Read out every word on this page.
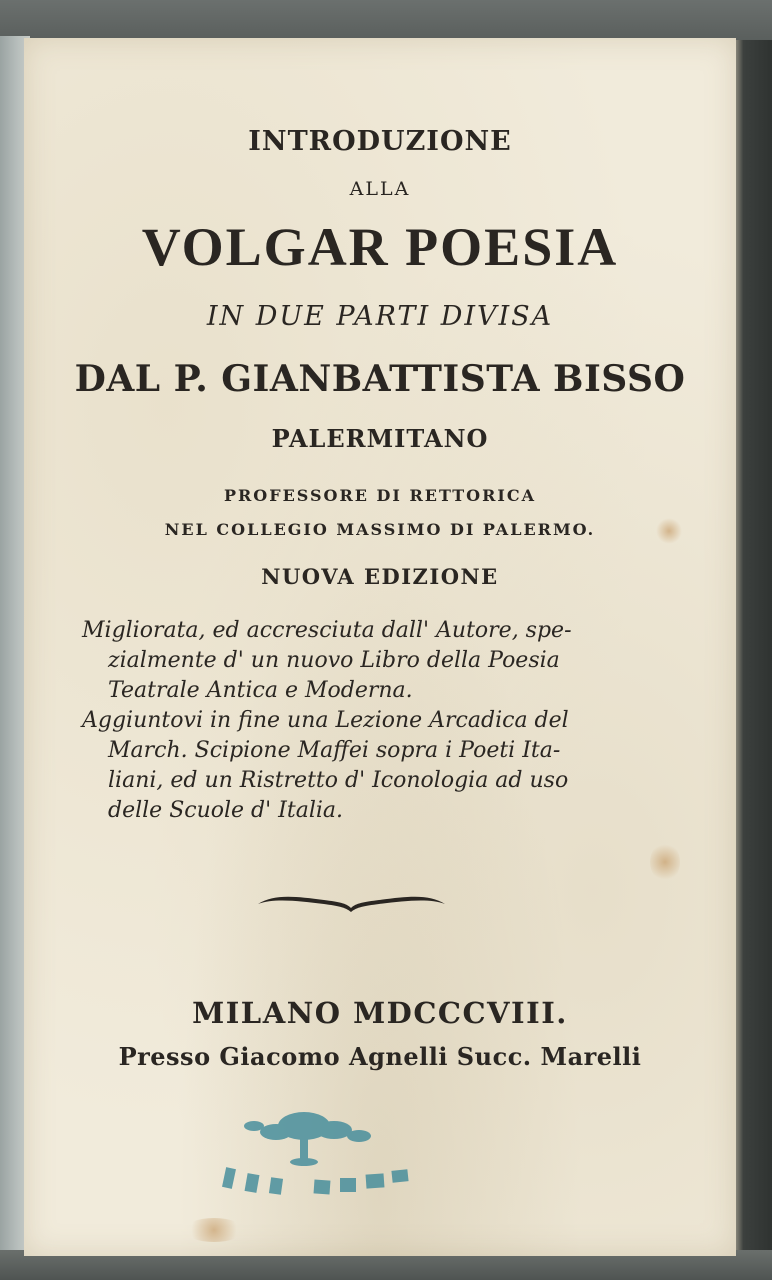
INTRODUZIONE
ALLA
VOLGAR POESIA
IN DUE PARTI DIVISA
DAL P. GIANBATTISTA BISSO
PALERMITANO
PROFESSORE DI RETTORICA
NEL COLLEGIO MASSIMO DI PALERMO.
NUOVA EDIZIONE

Migliorata, ed accresciuta dall' Autore, spe-

zialmente d' un nuovo Libro della Poesia

Teatrale Antica e Moderna.

Aggiuntovi in fine una Lezione Arcadica del

March. Scipione Maffei sopra i Poeti Ita-

liani, ed un Ristretto d' Iconologia ad uso

delle Scuole d' Italia.

MILANO MDCCCVIII.
Presso Giacomo Agnelli Succ. Marelli
